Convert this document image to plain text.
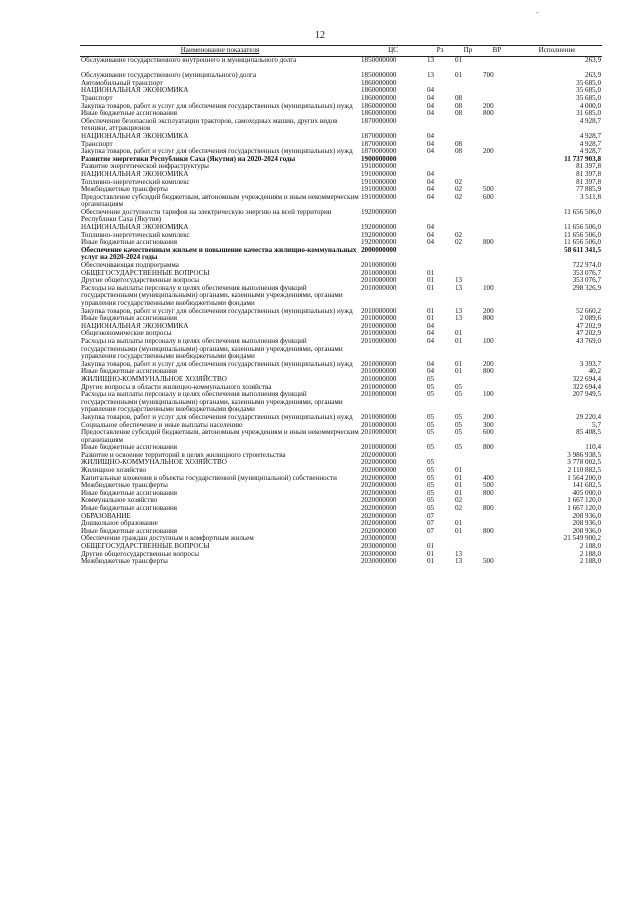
12
-
Наименование показателя	ЦС	Рз	Пр	ВР	Исполнение
Обслуживание государственного внутреннего и муниципального долга	1850000000	13	01		263,9

Обслуживание государственного (муниципального) долга	1850000000	13	01	700	263,9
Автомобильный транспорт	1860000000				35 685,0
НАЦИОНАЛЬНАЯ ЭКОНОМИКА	1860000000	04			35 685,0
Транспорт	1860000000	04	08		35 685,0
Закупка товаров, работ и услуг для обеспечения государственных (муниципальных) нужд	1860000000	04	08	200	4 000,0
Иные бюджетные ассигнования	1860000000	04	08	800	31 685,0
Обеспечение безопасной эксплуатации тракторов, самоходных машин, других видов техники, аттракционов	1870000000				4 928,7
НАЦИОНАЛЬНАЯ ЭКОНОМИКА	1870000000	04			4 928,7
Транспорт	1870000000	04	08		4 928,7
Закупка товаров, работ и услуг для обеспечения государственных (муниципальных) нужд	1870000000	04	08	200	4 928,7
Развитие энергетики Республики Саха (Якутия) на 2020-2024 годы	1900000000				11 737 903,8
Развитие энергетической инфраструктуры	1910000000				81 397,8
НАЦИОНАЛЬНАЯ ЭКОНОМИКА	1910000000	04			81 397,8
Топливно-энергетический комплекс	1910000000	04	02		81 397,8
Межбюджетные трансферты	1910000000	04	02	500	77 885,9
Предоставление субсидий бюджетным, автономным учреждениям и иным некоммерческим организациям	1910000000	04	02	600	3 511,8
Обеспечение доступности тарифов на электрическую энергию на всей территории Республики Саха (Якутия)	1920000000				11 656 506,0
НАЦИОНАЛЬНАЯ ЭКОНОМИКА	1920000000	04			11 656 506,0
Топливно-энергетический комплекс	1920000000	04	02		11 656 506,0
Иные бюджетные ассигнования	1920000000	04	02	800	11 656 506,0
Обеспечение качественным жильем и повышение качества жилищно-коммунальных услуг на 2020-2024 годы	2000000000				58 611 341,5
Обеспечивающая подпрограмма	2010000000				722 974,0
ОБЩЕГОСУДАРСТВЕННЫЕ ВОПРОСЫ	2010000000	01			353 076,7
Другие общегосударственные вопросы	2010000000	01	13		353 076,7
Расходы на выплаты персоналу в целях обеспечения выполнения функций государственными (муниципальными) органами, казенными учреждениями, органами управления государственными внебюджетными фондами	2010000000	01	13	100	298 326,9
Закупка товаров, работ и услуг для обеспечения государственных (муниципальных) нужд	2010000000	01	13	200	52 660,2
Иные бюджетные ассигнования	2010000000	01	13	800	2 089,6
НАЦИОНАЛЬНАЯ ЭКОНОМИКА	2010000000	04			47 202,9
Общеэкономические вопросы	2010000000	04	01		47 202,9
Расходы на выплаты персоналу в целях обеспечения выполнения функций государственными (муниципальными) органами, казенными учреждениями, органами управления государственными внебюджетными фондами	2010000000	04	01	100	43 769,0
Закупка товаров, работ и услуг для обеспечения государственных (муниципальных) нужд	2010000000	04	01	200	3 393,7
Иные бюджетные ассигнования	2010000000	04	01	800	40,2
ЖИЛИЩНО-КОММУНАЛЬНОЕ ХОЗЯЙСТВО	2010000000	05			322 694,4
Другие вопросы в области жилищно-коммунального хозяйства	2010000000	05	05		322 694,4
Расходы на выплаты персоналу в целях обеспечения выполнения функций государственными (муниципальными) органами, казенными учреждениями, органами управления государственными внебюджетными фондами	2010000000	05	05	100	207 949,5
Закупка товаров, работ и услуг для обеспечения государственных (муниципальных) нужд	2010000000	05	05	200	29 220,4
Социальное обеспечение и иные выплаты населению	2010000000	05	05	300	5,7
Предоставление субсидий бюджетным, автономным учреждениям и иным некоммерческим организациям	2010000000	05	05	600	85 408,5
Иные бюджетные ассигнования	2010000000	05	05	800	110,4
Развитие и освоение территорий в целях жилищного строительства	2020000000				3 986 938,5
ЖИЛИЩНО-КОММУНАЛЬНОЕ ХОЗЯЙСТВО	2020000000	05			3 778 002,5
Жилищное хозяйство	2020000000	05	01		2 110 882,5
Капитальные вложения в объекты государственной (муниципальной) собственности	2020000000	05	01	400	1 564 200,0
Межбюджетные трансферты	2020000000	05	01	500	141 682,5
Иные бюджетные ассигнования	2020000000	05	01	800	405 000,0
Коммунальное хозяйство	2020000000	05	02		1 667 120,0
Иные бюджетные ассигнования	2020000000	05	02	800	1 667 120,0
ОБРАЗОВАНИЕ	2020000000	07			208 936,0
Дошкольное образование	2020000000	07	01		208 936,0
Иные бюджетные ассигнования	2020000000	07	01	800	208 936,0
Обеспечение граждан доступным и комфортным жильем	2030000000				21 549 900,2
ОБЩЕГОСУДАРСТВЕННЫЕ ВОПРОСЫ	2030000000	01			2 188,0
Другие общегосударственные вопросы	2030000000	01	13		2 188,0
Межбюджетные трансферты	2030000000	01	13	500	2 188,0
